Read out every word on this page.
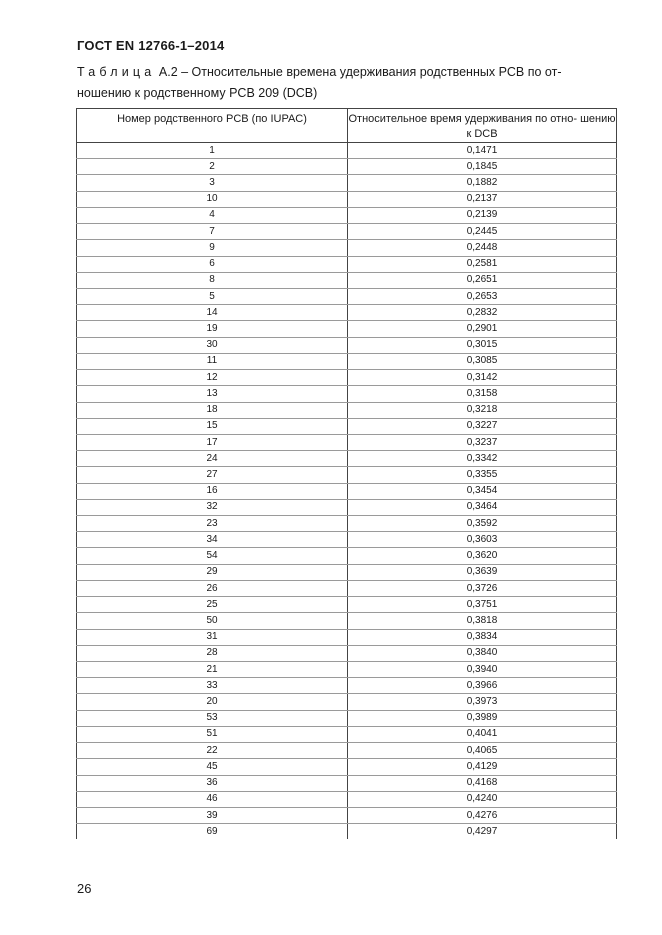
ГОСТ EN 12766-1–2014
Таблица А.2 – Относительные времена удерживания родственных PCB по от-
ношению к родственному PCB 209 (DCB)
Номер родственного PCB (по IUPAC)	Относительное время удерживания по отно- шению к DCB

1	0,1471
2	0,1845
3	0,1882
10	0,2137
4	0,2139
7	0,2445
9	0,2448
6	0,2581
8	0,2651
5	0,2653
14	0,2832
19	0,2901
30	0,3015
11	0,3085
12	0,3142
13	0,3158
18	0,3218
15	0,3227
17	0,3237
24	0,3342
27	0,3355
16	0,3454
32	0,3464
23	0,3592
34	0,3603
54	0,3620
29	0,3639
26	0,3726
25	0,3751
50	0,3818
31	0,3834
28	0,3840
21	0,3940
33	0,3966
20	0,3973
53	0,3989
51	0,4041
22	0,4065
45	0,4129
36	0,4168
46	0,4240
39	0,4276
69	0,4297
26
